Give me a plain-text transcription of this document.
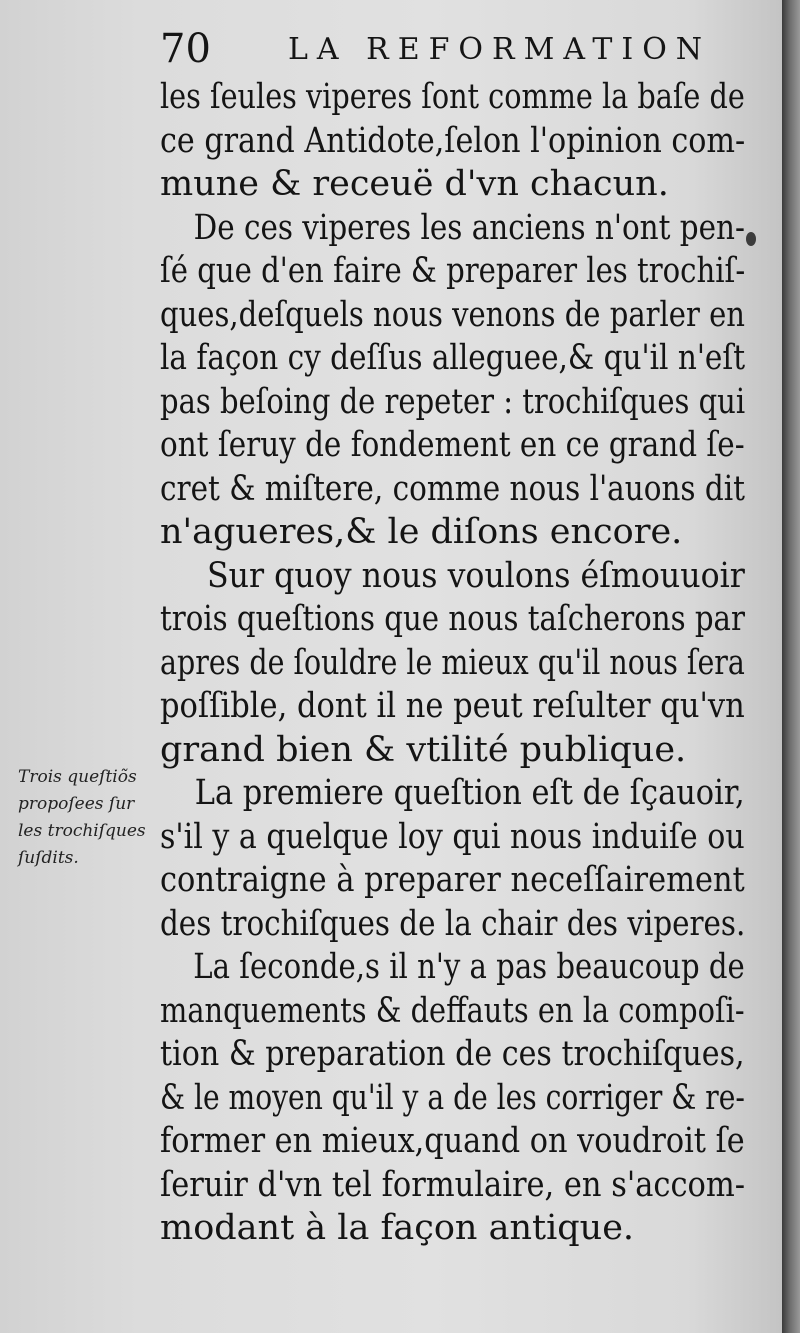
70	LA REFORMATION
Trois queſtiõs
propoſees ſur
les trochiſques
ſuſdits.
les ſeules viperes ſont comme la baſe de
ce grand Antidote,ſelon l'opinion com-
mune & receuë d'vn chacun.
De ces viperes les anciens n'ont pen-
ſé que d'en faire & preparer les trochiſ-
ques,deſquels nous venons de parler en
la façon cy deſſus alleguee,& qu'il n'eſt
pas beſoing de repeter : trochiſques qui
ont ſeruy de fondement en ce grand ſe-
cret & miſtere, comme nous l'auons dit
n'agueres,& le diſons encore.
Sur quoy nous voulons éſmouuoir
trois queſtions que nous taſcherons par
apres de ſouldre le mieux qu'il nous ſera
poſſible, dont il ne peut reſulter qu'vn
grand bien & vtilité publique.
La premiere queſtion eſt de ſçauoir,
s'il y a quelque loy qui nous induiſe ou
contraigne à preparer neceſſairement
des trochiſques de la chair des viperes.
La ſeconde,s il n'y a pas beaucoup de
manquements & deffauts en la compoſi-
tion & preparation de ces trochiſques,
& le moyen qu'il y a de les corriger & re-
former en mieux,quand on voudroit ſe
ſeruir d'vn tel formulaire, en s'accom-
modant à la façon antique.
